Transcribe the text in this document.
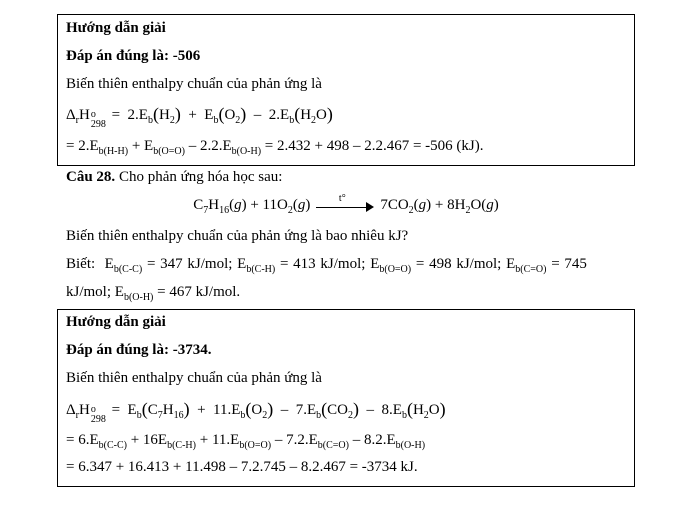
Hướng dẫn giải
Đáp án đúng là: -506
Biến thiên enthalpy chuẩn của phản ứng là
$\Delta_rH$ o
298
=  $2.E_b(H_2) + E_b(O_2) - 2.E_b(H_2O)$
= $2.E_{b(H-H)} + E_{b(O=O)} - 2.2.E_{b(O-H)} = 2.432 + 498 - 2.2.467 = -506$ (kJ).
Câu 28. Cho phản ứng hóa học sau:
$C_7H_{16}(g) + 11O_2(g)$	t°	$7CO_2(g) + 8H_2O(g)$
Biến thiên enthalpy chuẩn của phản ứng là bao nhiêu kJ?
Biết:  $E_{b(C-C)} = 347$ kJ/mol; $E_{b(C-H)} = 413$ kJ/mol; $E_{b(O=O)} = 498$ kJ/mol; $E_{b(C=O)} = 745$
kJ/mol; $E_{b(O-H)} = 467$ kJ/mol.
Hướng dẫn giải
Đáp án đúng là: -3734.
Biến thiên enthalpy chuẩn của phản ứng là
$\Delta_rH$ o
298
=  $E_b(C_7H_{16}) + 11.E_b(O_2) - 7.E_b(CO_2) - 8.E_b(H_2O)$
= $6.E_{b(C-C)} + 16E_{b(C-H)} + 11.E_{b(O=O)} - 7.2.E_{b(C=O)} - 8.2.E_{b(O-H)}$
= 6.347 + 16.413 + 11.498 – 7.2.745 – 8.2.467 = -3734 kJ.
